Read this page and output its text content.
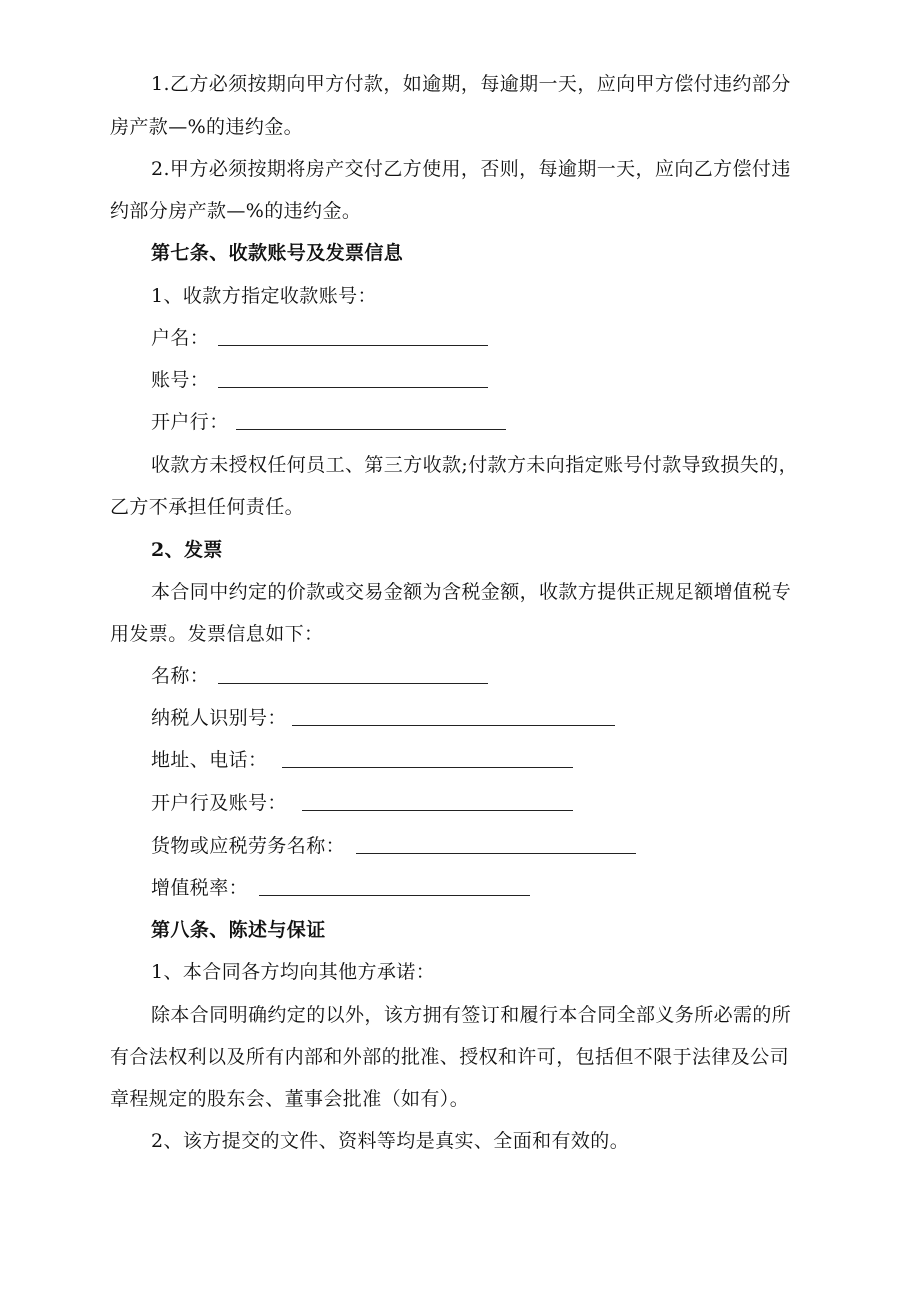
1.乙方必须按期向甲方付款，如逾期，每逾期一天，应向甲方偿付违约部分
房产款—%的违约金。
2.甲方必须按期将房产交付乙方使用，否则，每逾期一天，应向乙方偿付违
约部分房产款—%的违约金。
第七条、收款账号及发票信息
1、收款方指定收款账号：
户名：
账号：
开户行：
收款方未授权任何员工、第三方收款;付款方未向指定账号付款导致损失的，
乙方不承担任何责任。
2、发票
本合同中约定的价款或交易金额为含税金额，收款方提供正规足额增值税专
用发票。发票信息如下：
名称：
纳税人识别号：
地址、电话：
开户行及账号：
货物或应税劳务名称：
增值税率：
第八条、陈述与保证
1、本合同各方均向其他方承诺：
除本合同明确约定的以外，该方拥有签订和履行本合同全部义务所必需的所
有合法权利以及所有内部和外部的批准、授权和许可，包括但不限于法律及公司
章程规定的股东会、董事会批准（如有）。
2、该方提交的文件、资料等均是真实、全面和有效的。
